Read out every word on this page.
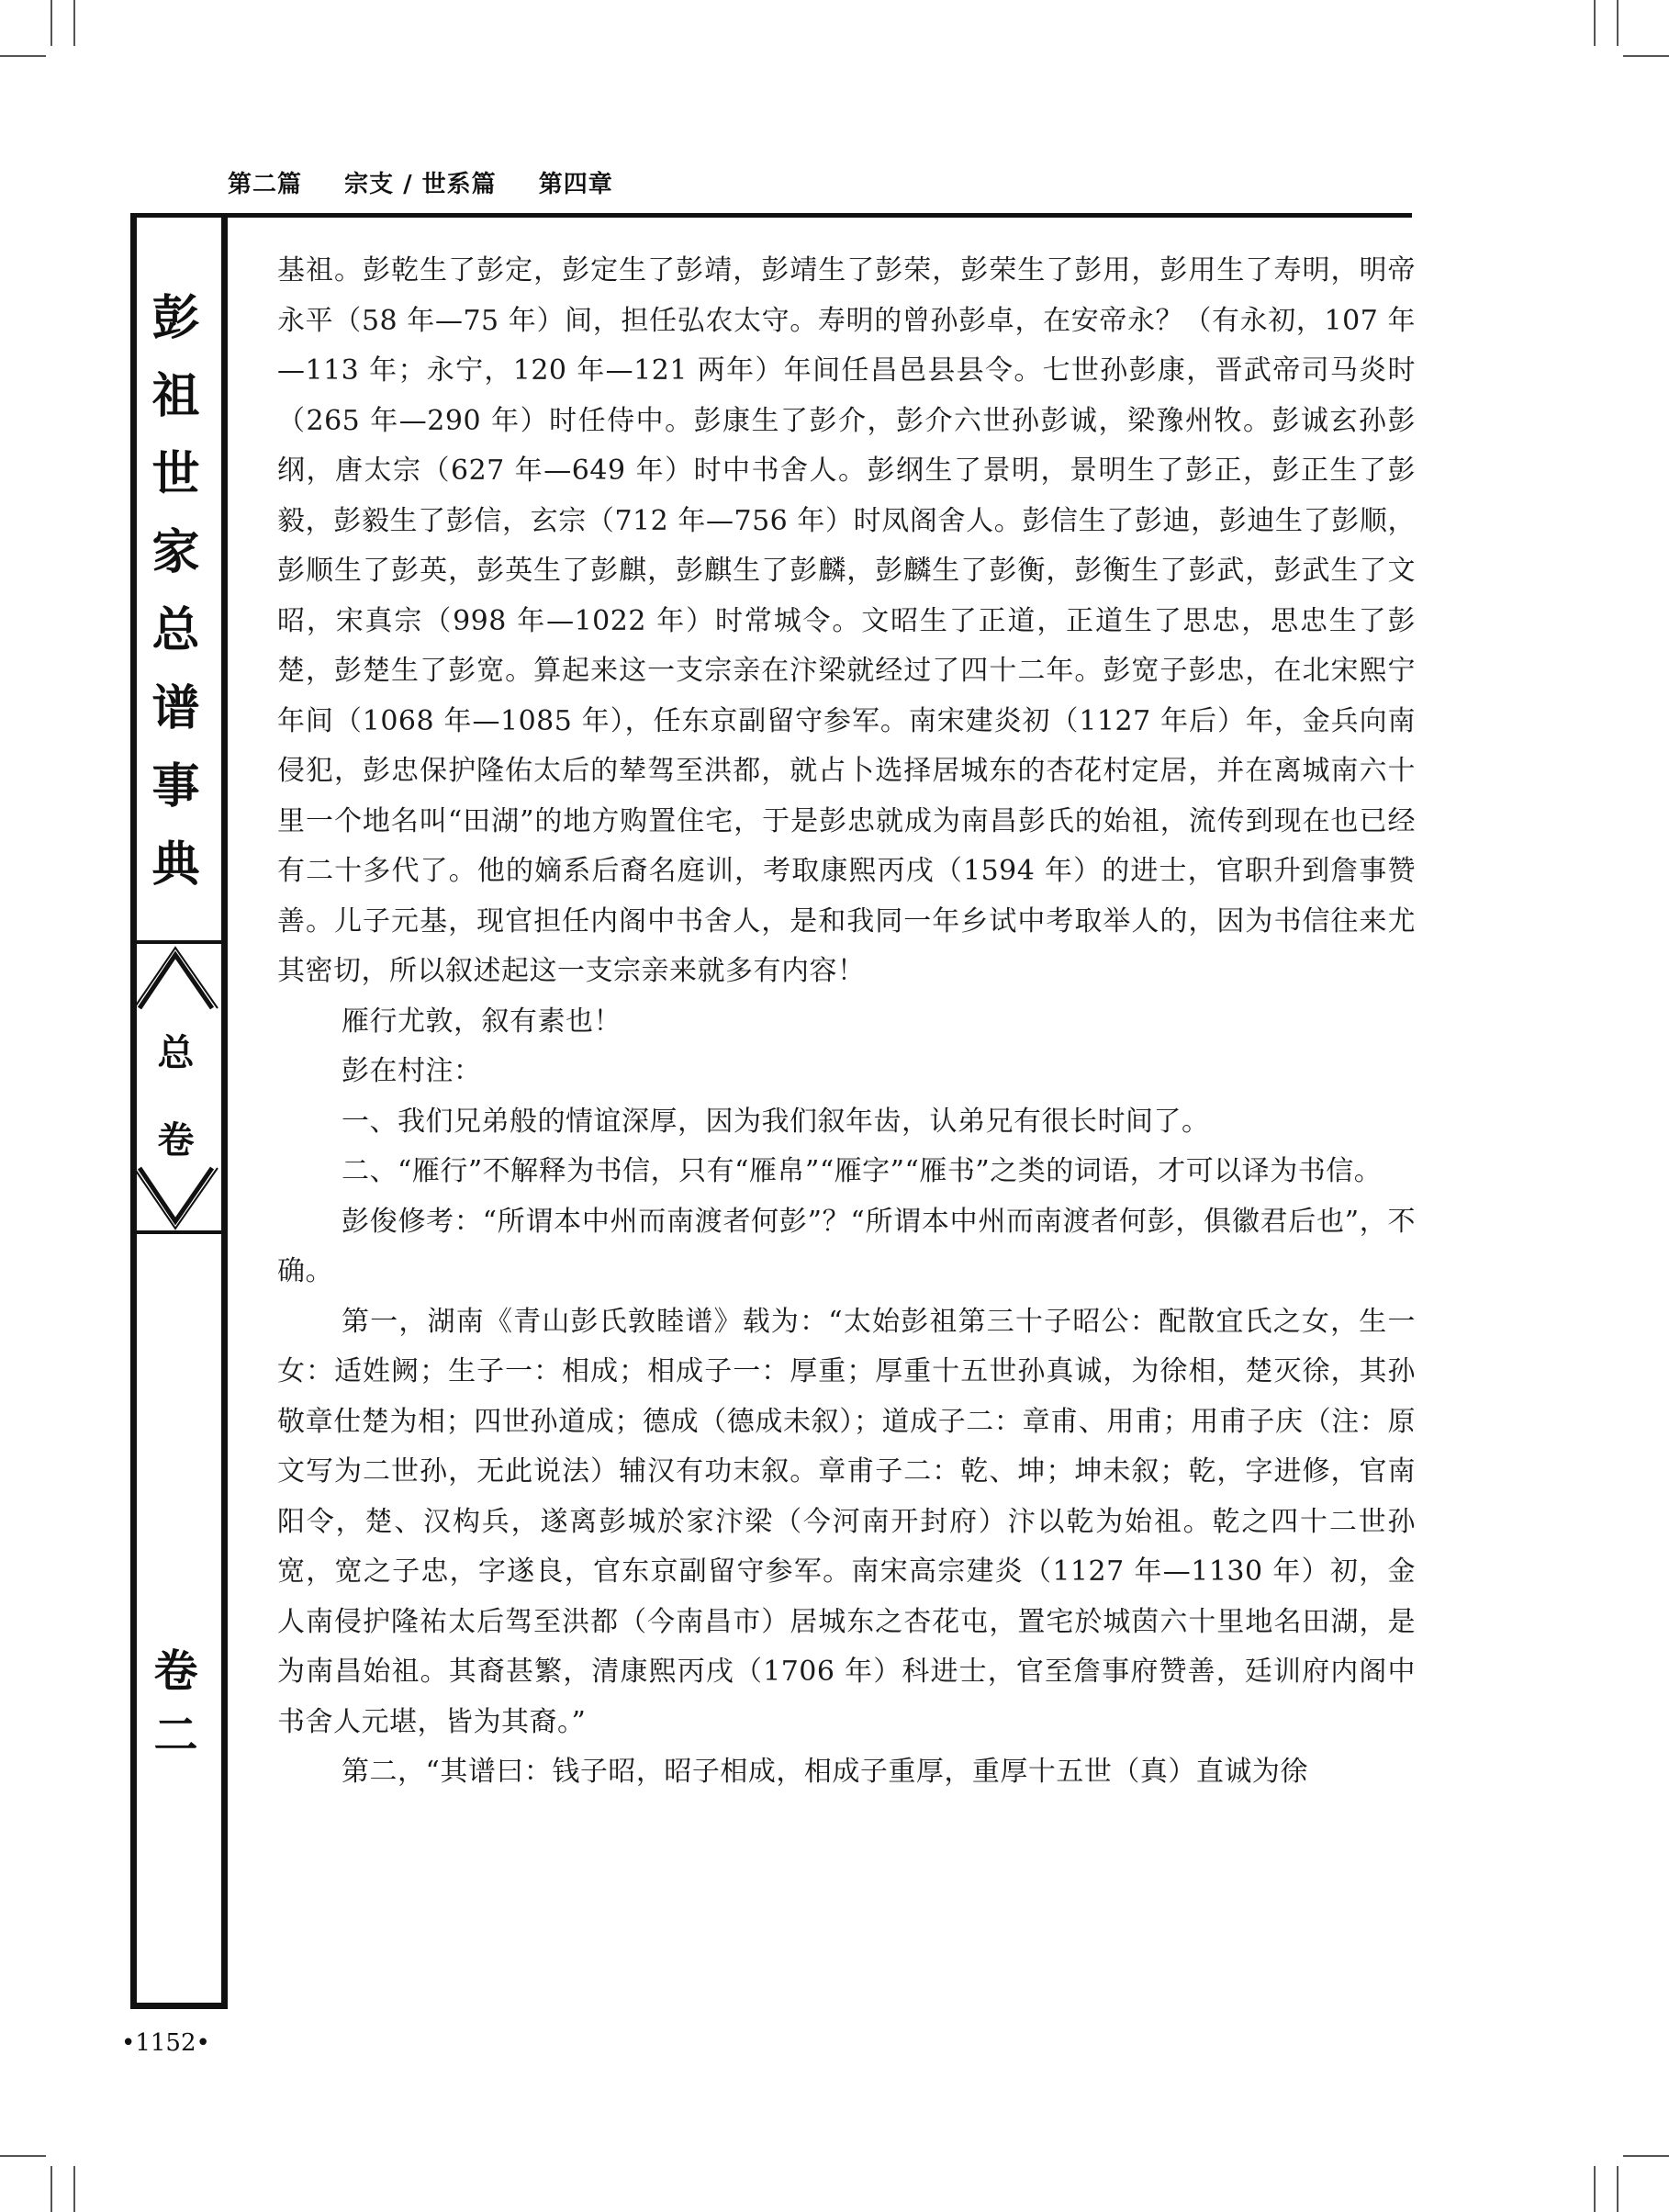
第二篇 宗支 / 世系篇 第四章
彭
祖
世
家
总
谱
事
典
总
卷
卷
二

基祖。彭乾生了彭定，彭定生了彭靖，彭靖生了彭荣，彭荣生了彭用，彭用生了寿明，明帝永平（58 年—75 年）间，担任弘农太守。寿明的曾孙彭卓，在安帝永？（有永初，107 年—113 年；永宁，120 年—121 两年）年间任昌邑县县令。七世孙彭康，晋武帝司马炎时（265 年—290 年）时任侍中。彭康生了彭介，彭介六世孙彭诚，梁豫州牧。彭诚玄孙彭纲，唐太宗（627 年—649 年）时中书舍人。彭纲生了景明，景明生了彭正，彭正生了彭毅，彭毅生了彭信，玄宗（712 年—756 年）时凤阁舍人。彭信生了彭迪，彭迪生了彭顺，彭顺生了彭英，彭英生了彭麒，彭麒生了彭麟，彭麟生了彭衡，彭衡生了彭武，彭武生了文昭，宋真宗（998 年—1022 年）时常城令。文昭生了正道，正道生了思忠，思忠生了彭楚，彭楚生了彭宽。算起来这一支宗亲在汴梁就经过了四十二年。彭宽子彭忠，在北宋熙宁年间（1068 年—1085 年），任东京副留守参军。南宋建炎初（1127 年后）年，金兵向南侵犯，彭忠保护隆佑太后的辇驾至洪都，就占卜选择居城东的杏花村定居，并在离城南六十里一个地名叫“田湖”的地方购置住宅，于是彭忠就成为南昌彭氏的始祖，流传到现在也已经有二十多代了。他的嫡系后裔名庭训，考取康熙丙戌（1594 年）的进士，官职升到詹事赞善。儿子元基，现官担任内阁中书舍人，是和我同一年乡试中考取举人的，因为书信往来尤其密切，所以叙述起这一支宗亲来就多有内容！

雁行尤敦，叙有素也！

彭在村注：

一、我们兄弟般的情谊深厚，因为我们叙年齿，认弟兄有很长时间了。

二、“雁行”不解释为书信，只有“雁帛”“雁字”“雁书”之类的词语，才可以译为书信。

彭俊修考：“所谓本中州而南渡者何彭”？“所谓本中州而南渡者何彭，俱徽君后也”，不确。

第一，湖南《青山彭氏敦睦谱》载为：“太始彭祖第三十子昭公：配散宜氏之女，生一女：适姓阙；生子一：相成；相成子一：厚重；厚重十五世孙真诚，为徐相，楚灭徐，其孙敬章仕楚为相；四世孙道成；德成（德成未叙）；道成子二：章甫、用甫；用甫子庆（注：原文写为二世孙，无此说法）辅汉有功末叙。章甫子二：乾、坤；坤未叙；乾，字进修，官南阳令，楚、汉构兵，遂离彭城於家汴梁（今河南开封府）汴以乾为始祖。乾之四十二世孙宽，宽之子忠，字遂良，官东京副留守参军。南宋高宗建炎（1127 年—1130 年）初，金人南侵护隆祐太后驾至洪都（今南昌市）居城东之杏花屯，置宅於城茵六十里地名田湖，是为南昌始祖。其裔甚繁，清康熙丙戌（1706 年）科进士，官至詹事府赞善，廷训府内阁中书舍人元堪，皆为其裔。”

第二，“其谱曰：钱子昭，昭子相成，相成子重厚，重厚十五世（真）直诚为徐

•1152•
